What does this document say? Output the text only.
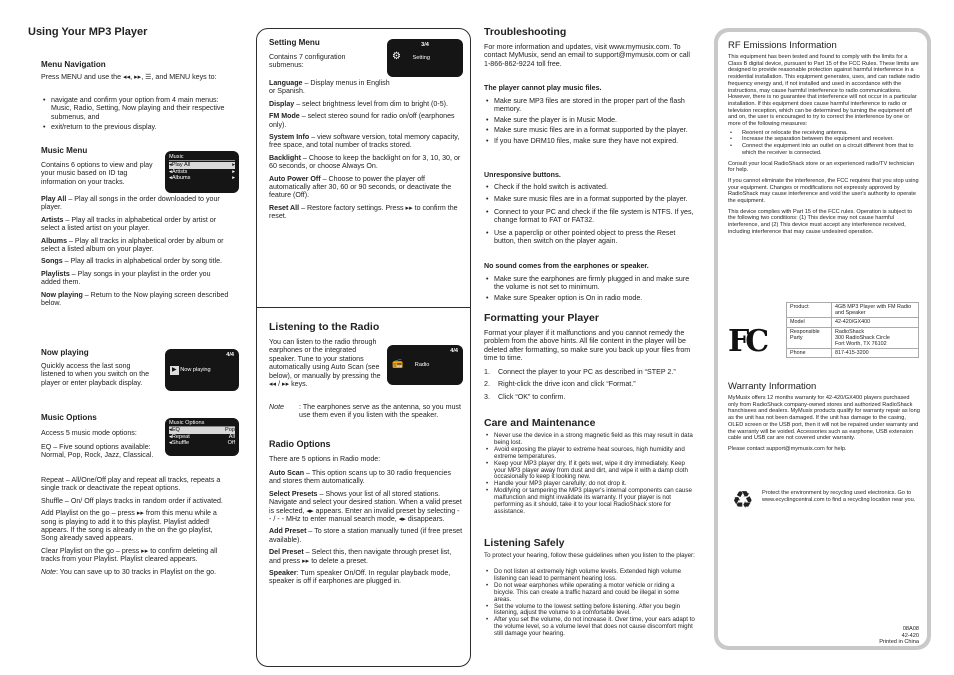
Using Your MP3 Player
Menu Navigation
Press MENU and use the ◂◂, ▸▸, ☰, and MENU keys to:
• navigate and confirm your option from 4 main menus: Music, Radio, Setting, Now playing and their respective submenus, and
• exit/return to the previous display.
Music Menu
Contains 6 options to view and play your music based on ID tag information on your tracks.
Music
◂Play All	▸
◂Artists	▸
◂Albums	▸
Play All – Play all songs in the order downloaded to your player.
Artists – Play all tracks in alphabetical order by artist or select a listed artist on your player.
Albums – Play all tracks in alphabetical order by album or select a listed album on your player.
Songs – Play all tracks in alphabetical order by song title.
Playlists – Play songs in your playlist in the order you added them.
Now playing – Return to the Now playing screen described below.
Now playing
Quickly access the last song listened to when you switch on the player or enter playback display.
4/4
▶ Now playing
Music Options
Access 5 music mode options:
Music Options
◂EQ	Pop
◂Repeat	All
◂Shuffle	Off
EQ – Five sound options available: Normal, Pop, Rock, Jazz, Classical.
Repeat – All/One/Off play and repeat all tracks, repeats a single track or deactivate the repeat options.
Shuffle – On/ Off plays tracks in random order if activated.
Add Playlist on the go – press ▸▸ from this menu while a song is playing to add it to this playlist. Playlist added! appears. If the song is already in the on the go playlist, Song already saved appears.
Clear Playlist on the go – press ▸▸ to confirm deleting all tracks from your Playlist. Playlist cleared appears.
Note: You can save up to 30 tracks in Playlist on the go.
Setting Menu
Contains 7 configuration submenus:
3/4
⚙ Setting
Language – Display menus in English or Spanish.
Display – select brightness level from dim to bright (0-5).
FM Mode – select stereo sound for radio on/off (earphones only).
System Info – view software version, total memory capacity, free space, and total number of tracks stored.
Backlight – Choose to keep the backlight on for 3, 10, 30, or 60 seconds, or choose Always On.
Auto Power Off – Choose to power the player off automatically after 30, 60 or 90 seconds, or deactivate the feature (Off).
Reset All – Restore factory settings. Press ▸▸ to confirm the reset.
Listening to the Radio
You can listen to the radio through earphones or the integrated speaker. Tune to your stations automatically using Auto Scan (see below), or manually by pressing the ◂◂ / ▸▸ keys.
4/4
📻 Radio
Note : The earphones serve as the antenna, so you must use them even if you listen with the speaker.
Radio Options
There are 5 options in Radio mode:
Auto Scan – This option scans up to 30 radio frequencies and stores them automatically.
Select Presets – Shows your list of all stored stations. Navigate and select your desired station. When a valid preset is selected, ◂▸ appears. Enter an invalid preset by selecting - - / - - MHz to enter manual search mode, ◂▸ disappears.
Add Preset – To store a station manually tuned (if free preset available).
Del Preset – Select this, then navigate through preset list, and press ▸▸ to delete a preset.
Speaker: Turn speaker On/Off. In regular playback mode, speaker is off if earphones are plugged in.
Troubleshooting
For more information and updates, visit www.mymusix.com. To contact MyMusix, send an email to support@mymusix.com or call 1-866-862-9224 toll free.
The player cannot play music files.
• Make sure MP3 files are stored in the proper part of the flash memory.
• Make sure the player is in Music Mode.
• Make sure music files are in a format supported by the player.
• If you have DRM10 files, make sure they have not expired.
Unresponsive buttons.
• Check if the hold switch is activated.
• Make sure music files are in a format supported by the player.
• Connect to your PC and check if the file system is NTFS. If yes, change format to FAT or FAT32.
• Use a paperclip or other pointed object to press the Reset button, then switch on the player again.
No sound comes from the earphones or speaker.
• Make sure the earphones are firmly plugged in and make sure the volume is not set to minimum.
• Make sure Speaker option is On in radio mode.
Formatting your Player
Format your player if it malfunctions and you cannot remedy the problem from the above hints. All file content in the player will be deleted after formatting, so make sure you back up your files from time to time.
1. Connect the player to your PC as described in “STEP 2.”
2. Right-click the drive icon and click “Format.”
3. Click “OK” to confirm.
Care and Maintenance
• Never use the device in a strong magnetic field as this may result in data being lost.
• Avoid exposing the player to extreme heat sources, high humidity and extreme temperatures.
• Keep your MP3 player dry. If it gets wet, wipe it dry immediately. Keep your MP3 player away from dust and dirt, and wipe it with a damp cloth occasionally to keep it looking new.
• Handle your MP3 player carefully; do not drop it.
• Modifying or tampering the MP3 player's internal components can cause malfunction and might invalidate its warranty. If your player is not performing as it should, take it to your local RadioShack store for assistance.
Listening Safely
To protect your hearing, follow these guidelines when you listen to the player:
• Do not listen at extremely high volume levels. Extended high volume listening can lead to permanent hearing loss.
• Do not wear earphones while operating a motor vehicle or riding a bicycle. This can create a traffic hazard and could be illegal in some areas.
• Set the volume to the lowest setting before listening. After you begin listening, adjust the volume to a comfortable level.
• After you set the volume, do not increase it. Over time, your ears adapt to the volume level, so a volume level that does not cause discomfort might still damage your hearing.
RF Emissions Information
This equipment has been tested and found to comply with the limits for a Class B digital device, pursuant to Part 15 of the FCC Rules. These limits are designed to provide reasonable protection against harmful interference in a residential installation. This equipment generates, uses, and can radiate radio frequency energy and, if not installed and used in accordance with the instructions, may cause harmful interference to radio communications. However, there is no guarantee that interference will not occur in a particular installation. If this equipment does cause harmful interference to radio or television reception, which can be determined by turning the equipment off and on, the user is encouraged to try to correct the interference by one or more of the following measures:
• Reorient or relocate the receiving antenna.
• Increase the separation between the equipment and receiver.
• Connect the equipment into an outlet on a circuit different from that to which the receiver is connected.
Consult your local RadioShack store or an experienced radio/TV technician for help.
If you cannot eliminate the interference, the FCC requires that you stop using your equipment. Changes or modifications not expressly approved by RadioShack may cause interference and void the user's authority to operate the equipment.
This device complies with Part 15 of the FCC rules. Operation is subject to the following two conditions: (1) This device may not cause harmful interference, and (2) This device must accept any interference received, including interference that may cause undesired operation.
FC
Product	4GB MP3 Player with FM Radio and Speaker
Model	42-420/GX400
Responsible Party	RadioShack
300 RadioShack Circle
Fort Worth, TX 76102
Phone	817-415-3200
Warranty Information
MyMusix offers 12 months warranty for 42-420/GX400 players purchased only from RadioShack company-owned stores and authorized RadioShack franchisees and dealers. MyMusix products qualify for warranty repair as long as the unit has not been damaged. If the unit has damage to the casing, OLED screen or the USB port, then it will not be repaired under warranty and the warranty will be voided. Accessories such as earphone, USB extension cable and USB car are not covered under warranty.
Please contact support@mymusix.com for help.
♻ Protect the environment by recycling used electronics. Go to www.ecyclingcentral.com to find a recycling location near you.
08A08
42-420
Printed in China
